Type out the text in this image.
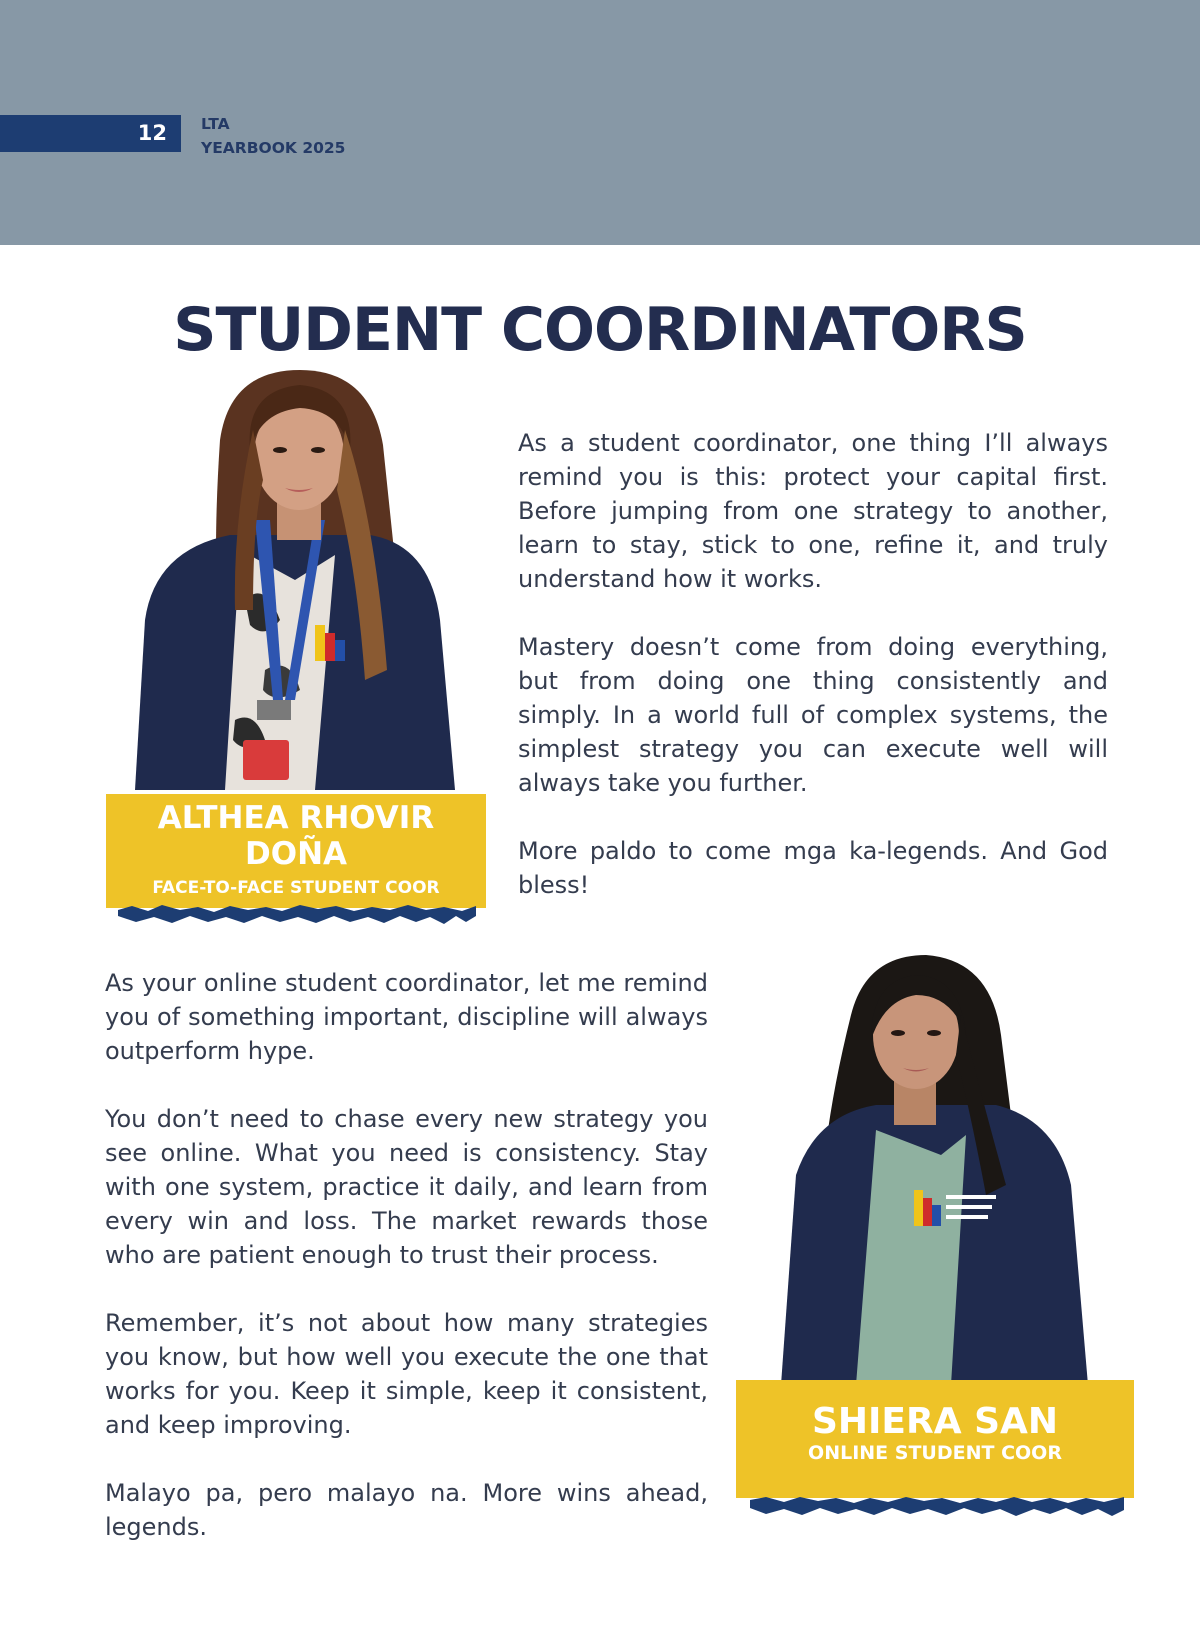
12 LTA
YEARBOOK 2025
STUDENT COORDINATORS
ALTHEA RHOVIR
DOÑA
FACE-TO-FACE STUDENT COOR

As a student coordinator, one thing I’ll always remind you is this: protect your capital first. Before jumping from one strategy to another, learn to stay, stick to one, refine it, and truly understand how it works.

Mastery doesn’t come from doing everything, but from doing one thing consistently and simply. In a world full of complex systems, the simplest strategy you can execute well will always take you further.

More paldo to come mga ka-legends. And God bless!

As your online student coordinator, let me remind you of something important, discipline will always outperform hype.

You don’t need to chase every new strategy you see online. What you need is consistency. Stay with one system, practice it daily, and learn from every win and loss. The market rewards those who are patient enough to trust their process.

Remember, it’s not about how many strategies you know, but how well you execute the one that works for you. Keep it simple, keep it consistent, and keep improving.

Malayo pa, pero malayo na. More wins ahead, legends.

SHIERA SAN
ONLINE STUDENT COOR
